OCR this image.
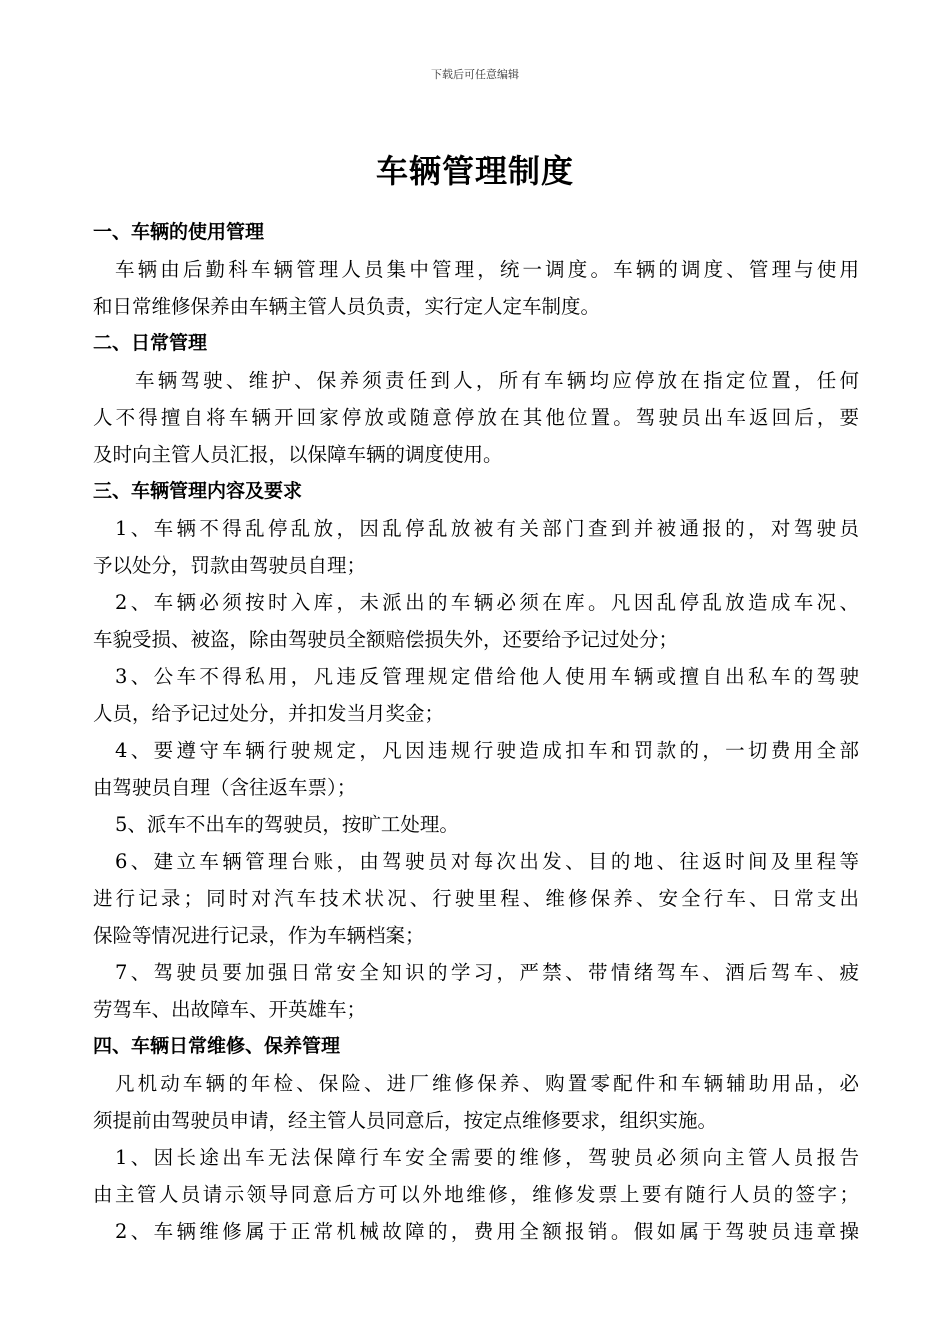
下载后可任意编辑
车辆管理制度
一、车辆的使用管理
车辆由后勤科车辆管理人员集中管理，统一调度。车辆的调度、管理与使用
和日常维修保养由车辆主管人员负责，实行定人定车制度。
二、日常管理
车辆驾驶、维护、保养须责任到人，所有车辆均应停放在指定位置，任何
人不得擅自将车辆开回家停放或随意停放在其他位置。驾驶员出车返回后，要
及时向主管人员汇报，以保障车辆的调度使用。
三、车辆管理内容及要求
1、车辆不得乱停乱放，因乱停乱放被有关部门查到并被通报的，对驾驶员
予以处分，罚款由驾驶员自理；
2、车辆必须按时入库，未派出的车辆必须在库。凡因乱停乱放造成车况、
车貌受损、被盗，除由驾驶员全额赔偿损失外，还要给予记过处分；
3、公车不得私用，凡违反管理规定借给他人使用车辆或擅自出私车的驾驶
人员，给予记过处分，并扣发当月奖金；
4、要遵守车辆行驶规定，凡因违规行驶造成扣车和罚款的，一切费用全部
由驾驶员自理（含往返车票）；
5、派车不出车的驾驶员，按旷工处理。
6、建立车辆管理台账，由驾驶员对每次出发、目的地、往返时间及里程等
进行记录；同时对汽车技术状况、行驶里程、维修保养、安全行车、日常支出
保险等情况进行记录，作为车辆档案；
7、驾驶员要加强日常安全知识的学习，严禁、带情绪驾车、酒后驾车、疲
劳驾车、出故障车、开英雄车；
四、车辆日常维修、保养管理
凡机动车辆的年检、保险、进厂维修保养、购置零配件和车辆辅助用品，必
须提前由驾驶员申请，经主管人员同意后，按定点维修要求，组织实施。
1、因长途出车无法保障行车安全需要的维修，驾驶员必须向主管人员报告
由主管人员请示领导同意后方可以外地维修，维修发票上要有随行人员的签字；
2、车辆维修属于正常机械故障的，费用全额报销。假如属于驾驶员违章操
